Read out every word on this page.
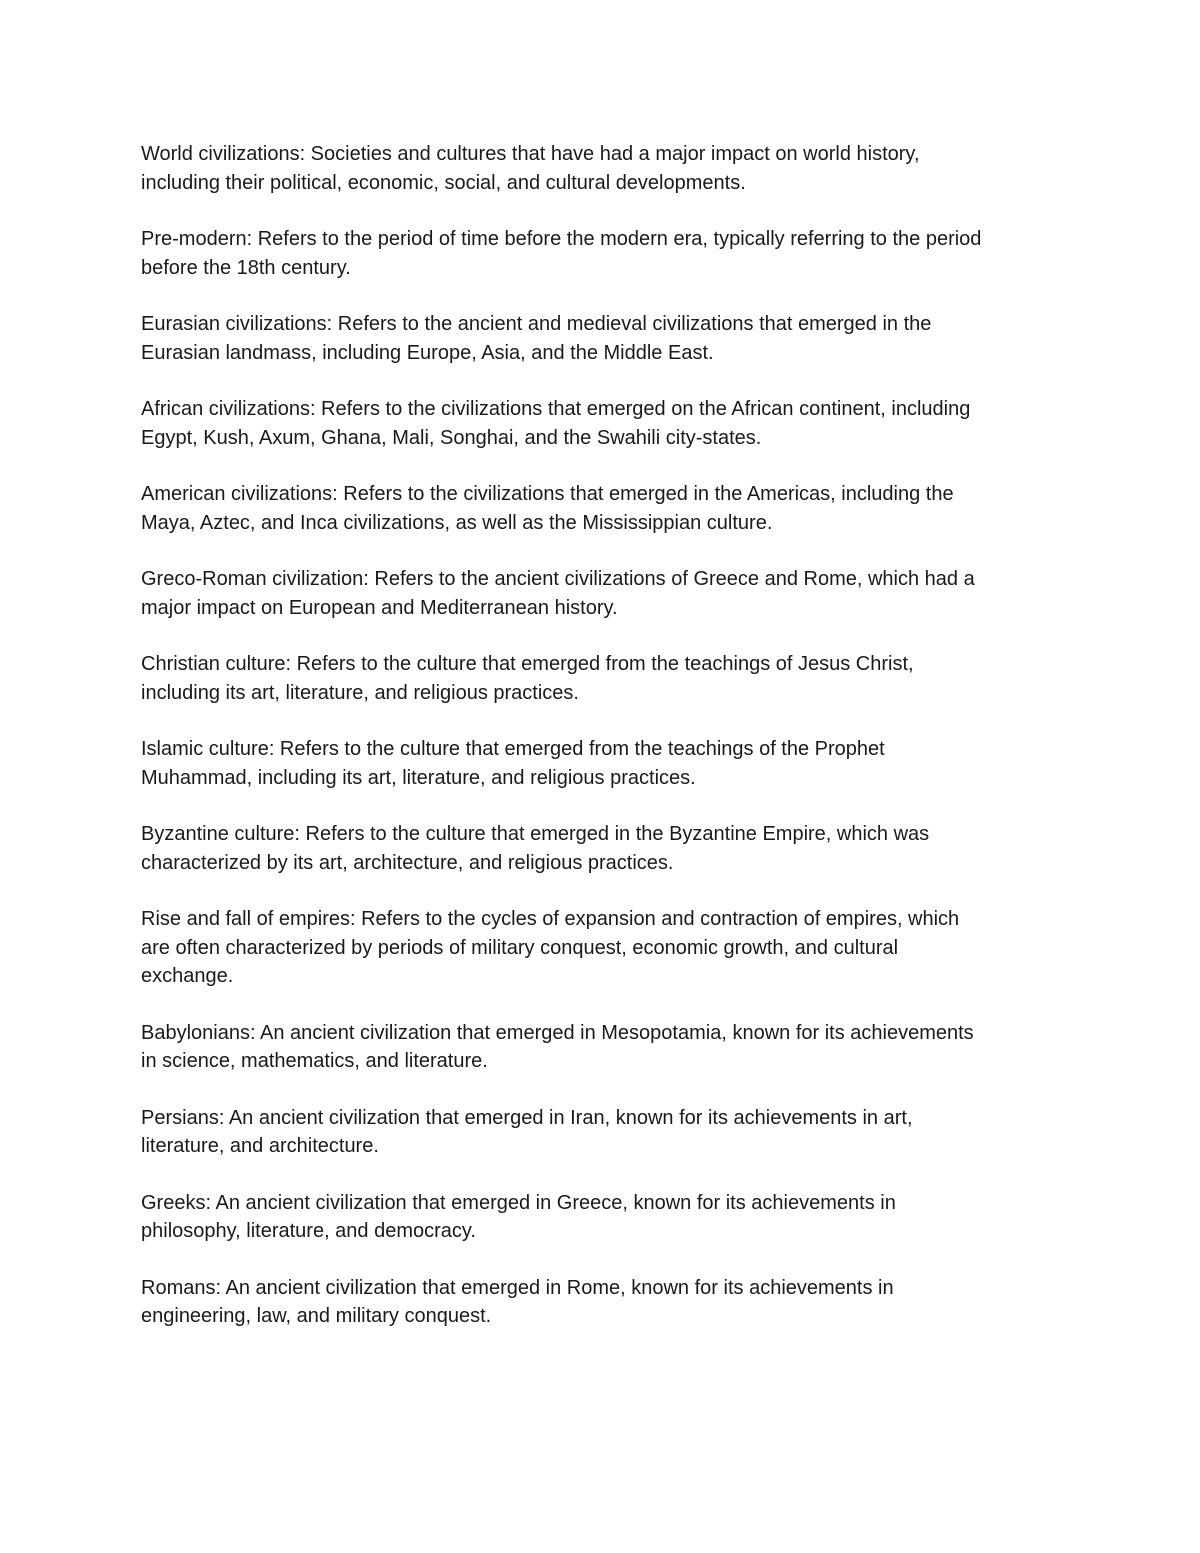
World civilizations: Societies and cultures that have had a major impact on world history,
including their political, economic, social, and cultural developments.

Pre-modern: Refers to the period of time before the modern era, typically referring to the period
before the 18th century.

Eurasian civilizations: Refers to the ancient and medieval civilizations that emerged in the
Eurasian landmass, including Europe, Asia, and the Middle East.

African civilizations: Refers to the civilizations that emerged on the African continent, including
Egypt, Kush, Axum, Ghana, Mali, Songhai, and the Swahili city-states.

American civilizations: Refers to the civilizations that emerged in the Americas, including the
Maya, Aztec, and Inca civilizations, as well as the Mississippian culture.

Greco-Roman civilization: Refers to the ancient civilizations of Greece and Rome, which had a
major impact on European and Mediterranean history.

Christian culture: Refers to the culture that emerged from the teachings of Jesus Christ,
including its art, literature, and religious practices.

Islamic culture: Refers to the culture that emerged from the teachings of the Prophet
Muhammad, including its art, literature, and religious practices.

Byzantine culture: Refers to the culture that emerged in the Byzantine Empire, which was
characterized by its art, architecture, and religious practices.

Rise and fall of empires: Refers to the cycles of expansion and contraction of empires, which
are often characterized by periods of military conquest, economic growth, and cultural
exchange.

Babylonians: An ancient civilization that emerged in Mesopotamia, known for its achievements
in science, mathematics, and literature.

Persians: An ancient civilization that emerged in Iran, known for its achievements in art,
literature, and architecture.

Greeks: An ancient civilization that emerged in Greece, known for its achievements in
philosophy, literature, and democracy.

Romans: An ancient civilization that emerged in Rome, known for its achievements in
engineering, law, and military conquest.
